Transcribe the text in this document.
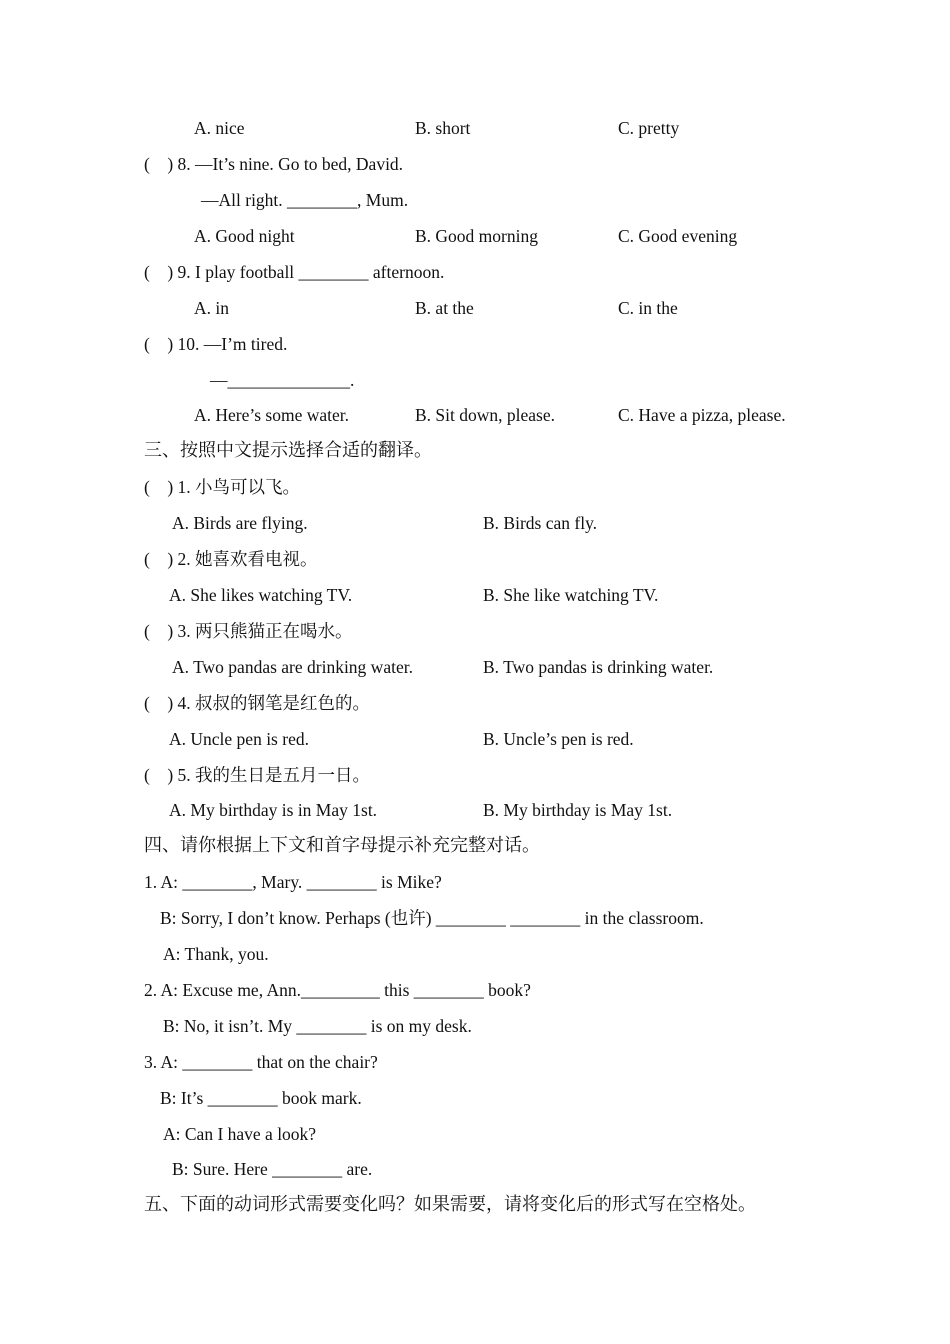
A. nice	B. short	C. pretty
(    ) 8. —It’s nine. Go to bed, David.
—All right. ________, Mum.
A. Good night	B. Good morning	C. Good evening
(    ) 9. I play football ________ afternoon.
A. in	B. at the	C. in the
(    ) 10. —I’m tired.
—______________.
A. Here’s some water.	B. Sit down, please.	C. Have a pizza, please.
三、按照中文提示选择合适的翻译。
(    ) 1. 小鸟可以飞。
A. Birds are flying.	B. Birds can fly.
(    ) 2. 她喜欢看电视。
A. She likes watching TV.	B. She like watching TV.
(    ) 3. 两只熊猫正在喝水。
A. Two pandas are drinking water.	B. Two pandas is drinking water.
(    ) 4. 叔叔的钢笔是红色的。
A. Uncle pen is red.	B. Uncle’s pen is red.
(    ) 5. 我的生日是五月一日。
A. My birthday is in May 1st.	B. My birthday is May 1st.
四、请你根据上下文和首字母提示补充完整对话。
1. A: ________, Mary. ________ is Mike?
B: Sorry, I don’t know. Perhaps (也许) ________ ________ in the classroom.
A: Thank, you.
2. A: Excuse me, Ann._________ this ________ book?
B: No, it isn’t. My ________ is on my desk.
3. A: ________ that on the chair?
B: It’s ________ book mark.
A: Can I have a look?
B: Sure. Here ________ are.
五、下面的动词形式需要变化吗？如果需要，请将变化后的形式写在空格处。
